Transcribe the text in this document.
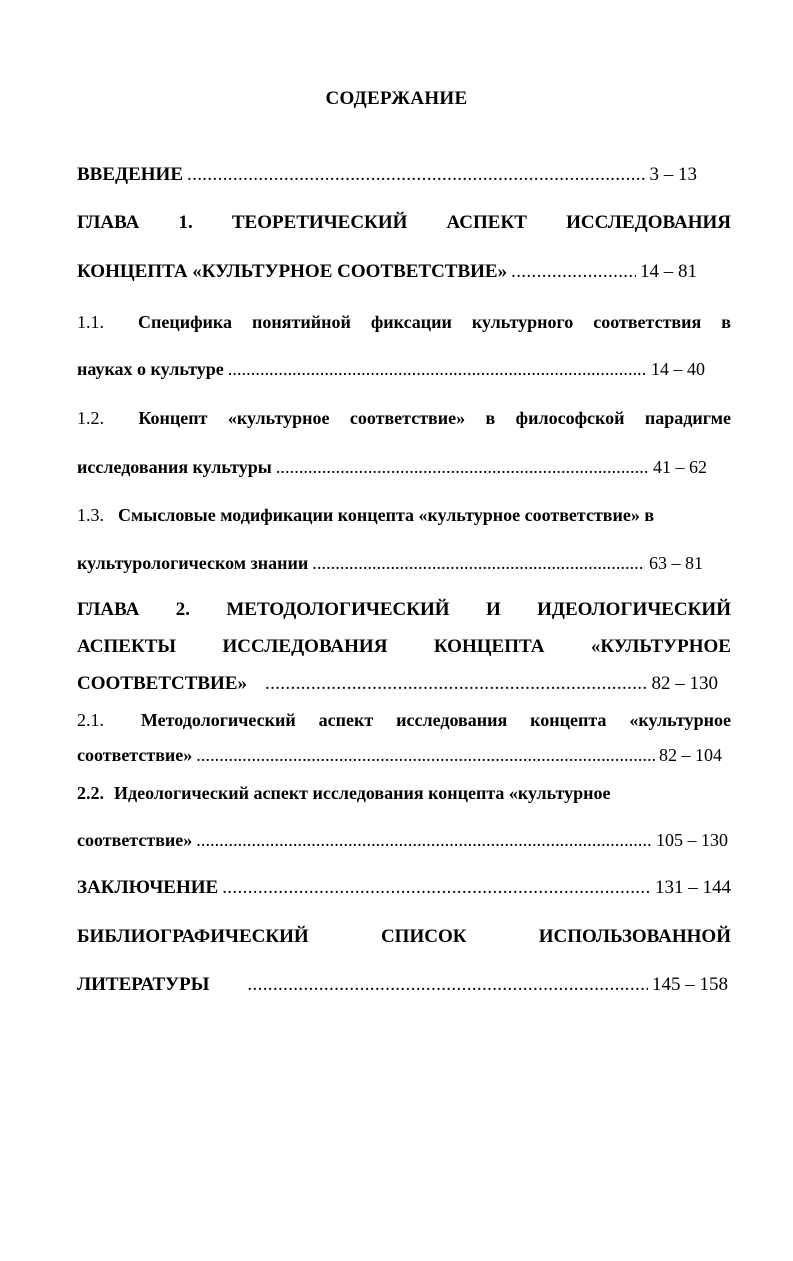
СОДЕРЖАНИЕ
ВВЕДЕНИЕ . . .	3 – 13
ГЛАВА 1. ТЕОРЕТИЧЕСКИЙ АСПЕКТ ИССЛЕДОВАНИЯ
КОНЦЕПТА «КУЛЬТУРНОЕ СООТВЕТСТВИЕ» . . .	14 – 81
1.1. Специфика понятийной фиксации культурного соответствия в
науках о культуре . . .	14 – 40
1.2. Концепт «культурное соответствие» в философской парадигме
исследования культуры . . .	41 – 62
1.3. Смысловые модификации концепта «культурное соответствие» в
культурологическом знании . . .	63 – 81
ГЛАВА 2. МЕТОДОЛОГИЧЕСКИЙ И ИДЕОЛОГИЧЕСКИЙ
АСПЕКТЫ ИССЛЕДОВАНИЯ КОНЦЕПТА «КУЛЬТУРНОЕ
СООТВЕТСТВИЕ» . . .	82 – 130
2.1. Методологический аспект исследования концепта «культурное
соответствие» . . .	82 – 104
2.2. Идеологический аспект исследования концепта «культурное
соответствие» . . .	105 – 130
ЗАКЛЮЧЕНИЕ . . .	131 – 144
БИБЛИОГРАФИЧЕСКИЙ	СПИСОК	ИСПОЛЬЗОВАННОЙ
ЛИТЕРАТУРЫ . . .	145 – 158
